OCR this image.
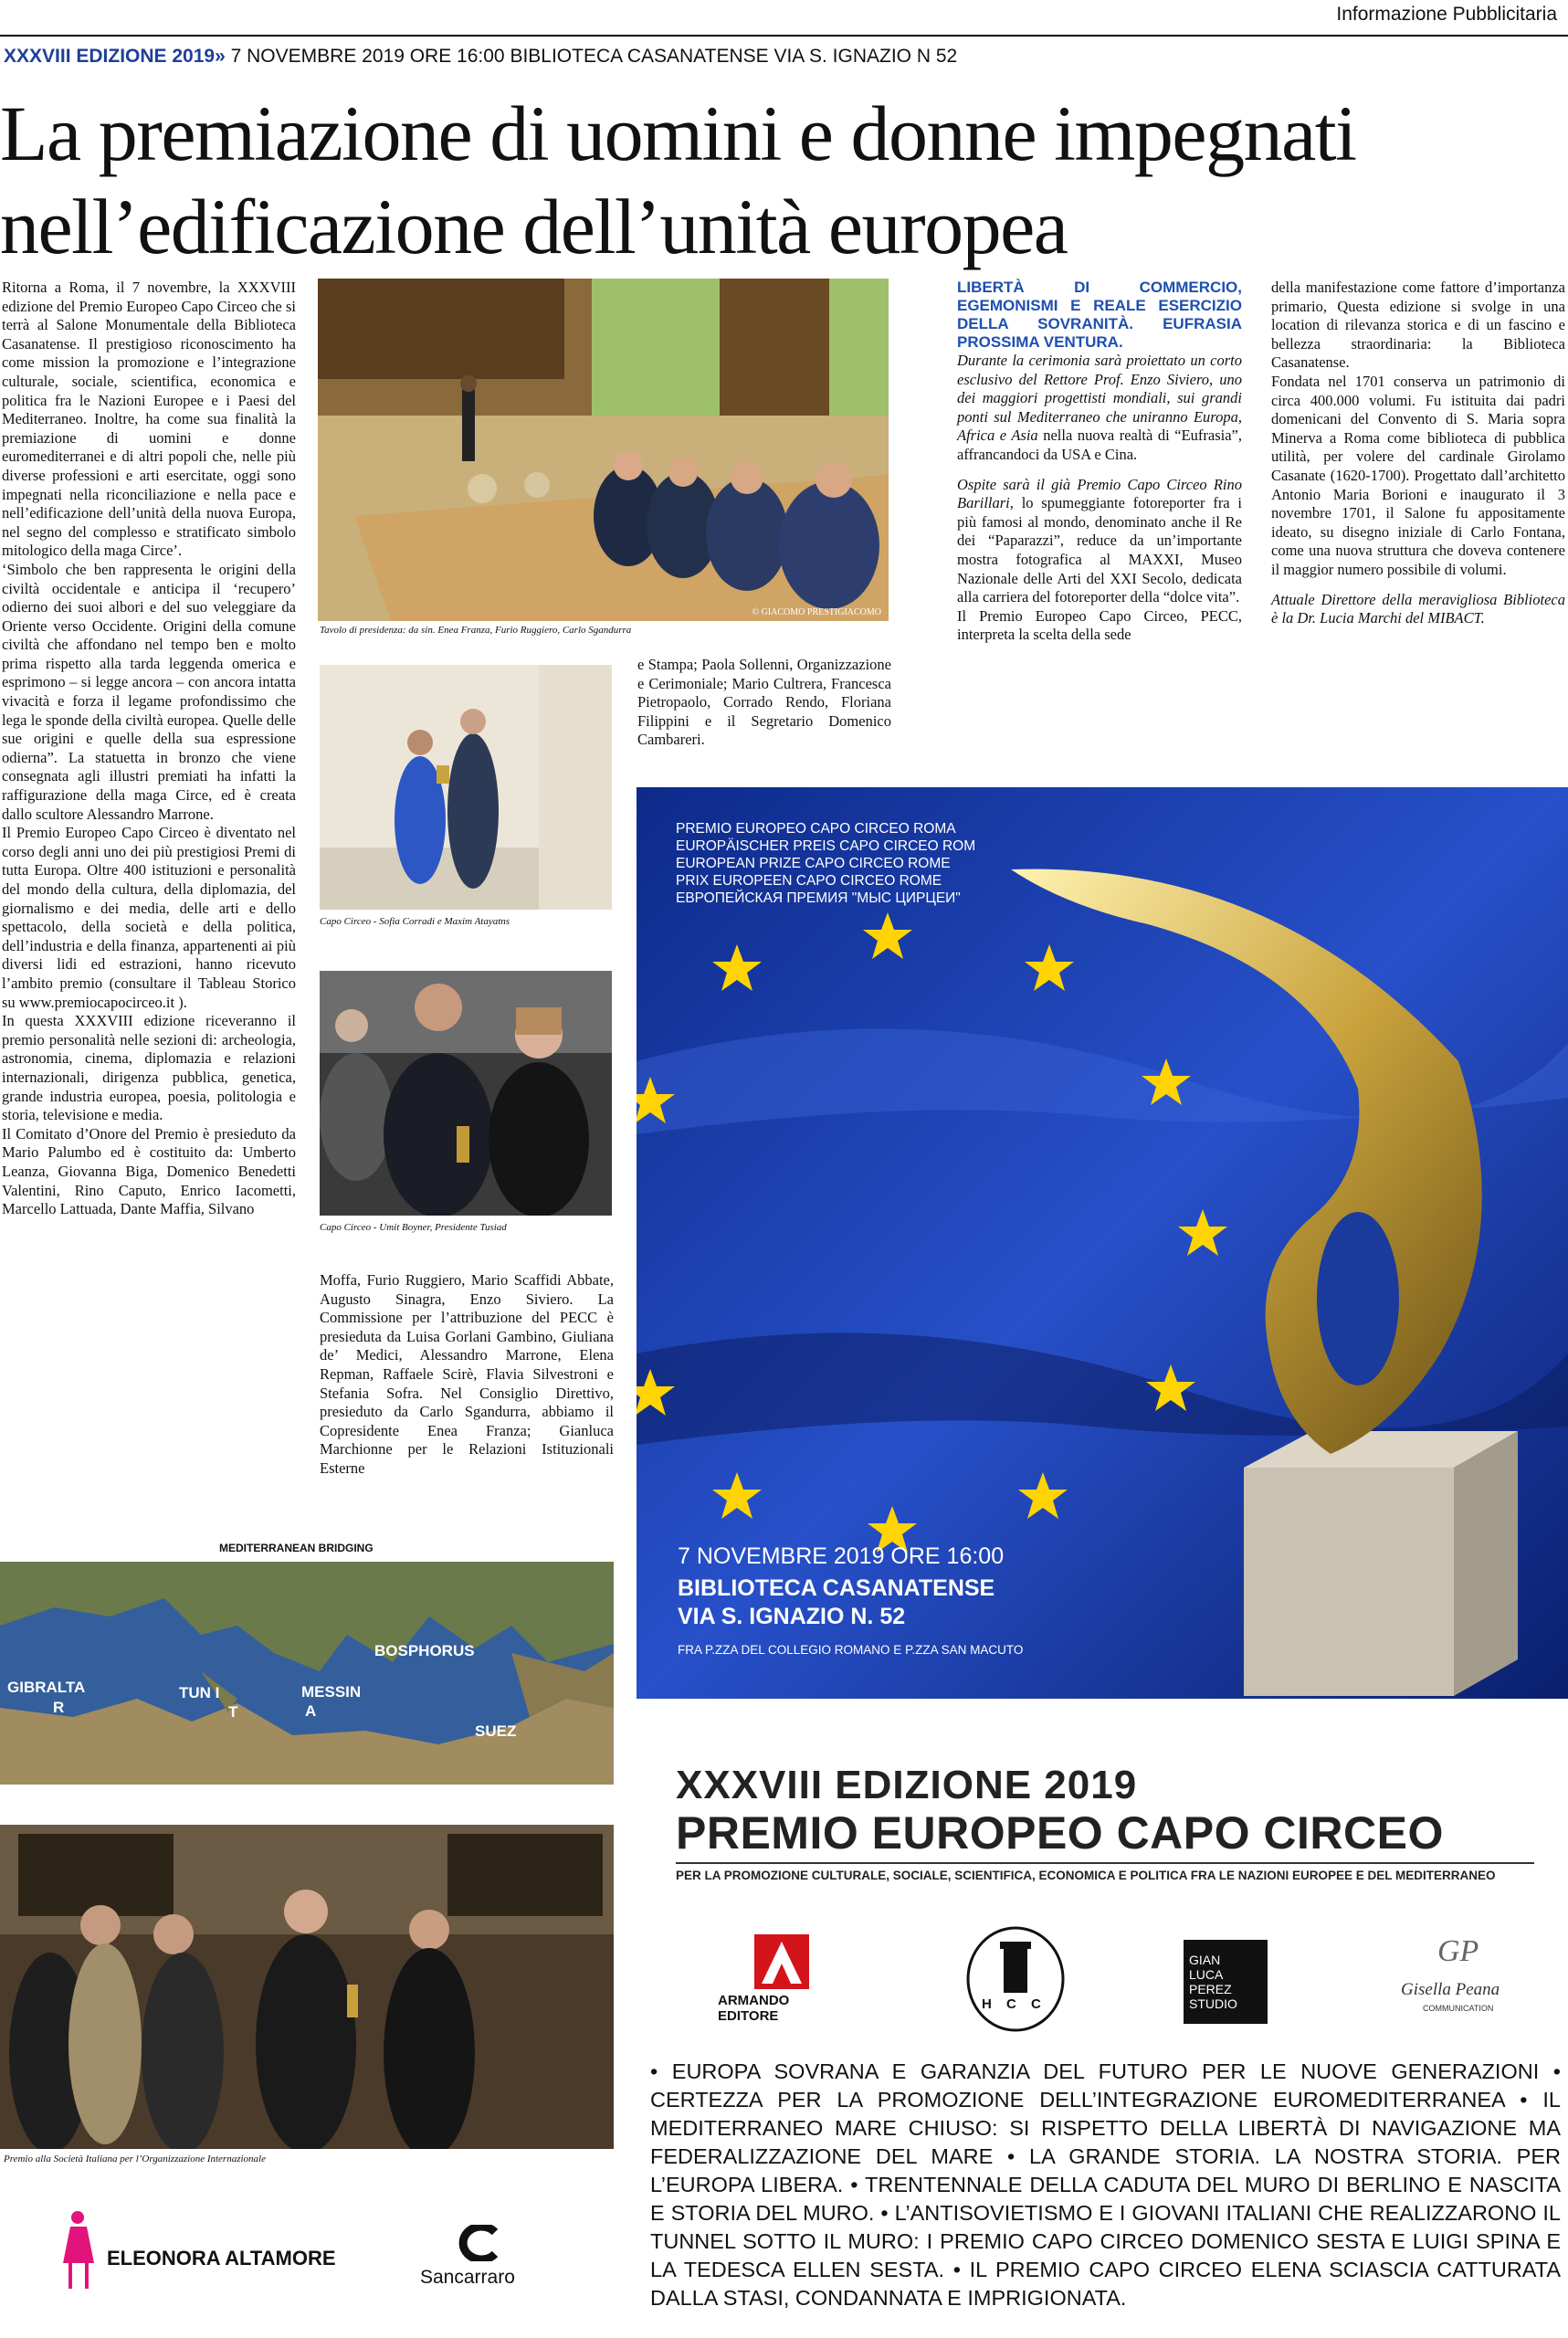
Informazione Pubblicitaria
XXXVIII EDIZIONE 2019» 7 NOVEMBRE 2019 ORE 16:00 BIBLIOTECA CASANATENSE VIA S. IGNAZIO N 52
La premiazione di uomini e donne impegnati
nell’edificazione dell’unità europea

Ritorna a Roma, il 7 novembre, la XXXVIII edizione del Premio Europeo Capo Circeo che si terrà al Salone Monumentale della Biblioteca Casanatense. Il prestigioso riconoscimento ha come mission la promozione e l’integrazione culturale, sociale, scientifica, economica e politica fra le Nazioni Europee e i Paesi del Mediterraneo. Inoltre, ha come sua finalità la premiazione di uomini e donne euromediterranei e di altri popoli che, nelle più diverse professioni e arti esercitate, oggi sono impegnati nella riconciliazione e nella pace e nell’edificazione dell’unità della nuova Europa, nel segno del complesso e stratificato simbolo mitologico della maga Circe’.

‘Simbolo che ben rappresenta le origini della civiltà occidentale e anticipa il ‘recupero’ odierno dei suoi albori e del suo veleggiare da Oriente verso Occidente. Origini della comune civiltà che affondano nel tempo ben e molto prima rispetto alla tarda leggenda omerica e esprimono – si legge ancora – con ancora intatta vivacità e forza il legame profondissimo che lega le sponde della civiltà europea. Quelle delle sue origini e quelle della sua espressione odierna”. La statuetta in bronzo che viene consegnata agli illustri premiati ha infatti la raffigurazione della maga Circe, ed è creata dallo scultore Alessandro Marrone.

Il Premio Europeo Capo Circeo è diventato nel corso degli anni uno dei più prestigiosi Premi di tutta Europa. Oltre 400 istituzioni e personalità del mondo della cultura, della diplomazia, del giornalismo e dei media, delle arti e dello spettacolo, della società e della politica, dell’industria e della finanza, appartenenti ai più diversi lidi ed estrazioni, hanno ricevuto l’ambito premio (consultare il Tableau Storico su www.premiocapocirceo.it ).

In questa XXXVIII edizione riceveranno il premio personalità nelle sezioni di: archeologia, astronomia, cinema, diplomazia e relazioni internazionali, dirigenza pubblica, genetica, grande industria europea, poesia, politologia e storia, televisione e media.

Il Comitato d’Onore del Premio è presieduto da Mario Palumbo ed è costituito da: Umberto Leanza, Giovanna Biga, Domenico Benedetti Valentini, Rino Caputo, Enrico Iacometti, Marcello Lattuada, Dante Maffia, Silvano

© GIACOMO PRESTIGIACOMO
Tavolo di presidenza: da sin. Enea Franza, Furio Ruggiero, Carlo Sgandurra
Capo Circeo - Sofia Corradi e Maxim Atayatns
Capo Circeo - Umit Boyner, Presidente Tusiad

e Stampa; Paola Sollenni, Organizzazione e Cerimoniale; Mario Cultrera, Francesca Pietropaolo, Corrado Rendo, Floriana Filippini e il Segretario Domenico Cambareri.

Moffa, Furio Ruggiero, Mario Scaffidi Abbate, Augusto Sinagra, Enzo Siviero. La Commissione per l’attribuzione del PECC è presieduta da Luisa Gorlani Gambino, Giuliana de’ Medici, Alessandro Marrone, Elena Repman, Raffaele Scirè, Flavia Silvestroni e Stefania Sofra. Nel Consiglio Direttivo, presieduto da Carlo Sgandurra, abbiamo il Copresidente Enea Franza; Gianluca Marchionne per le Relazioni Istituzionali Esterne

LIBERTÀ DI COMMERCIO, EGEMONISMI E REALE ESERCIZIO DELLA SOVRANITÀ. EUFRASIA PROSSIMA VENTURA.

Durante la cerimonia sarà proiettato un corto esclusivo del Rettore Prof. Enzo Siviero, uno dei maggiori progettisti mondiali, sui grandi ponti sul Mediterraneo che uniranno Europa, Africa e Asia nella nuova realtà di “Eufrasia”, affrancandoci da USA e Cina.

Ospite sarà il già Premio Capo Circeo Rino Barillari, lo spumeggiante fotoreporter fra i più famosi al mondo, denominato anche il Re dei “Paparazzi”, reduce da un’importante mostra fotografica al MAXXI, Museo Nazionale delle Arti del XXI Secolo, dedicata alla carriera del fotoreporter della “dolce vita”.

Il Premio Europeo Capo Circeo, PECC, interpreta la scelta della sede

della manifestazione come fattore d’importanza primario, Questa edizione si svolge in una location di rilevanza storica e di un fascino e bellezza straordinaria: la Biblioteca Casanatense.

Fondata nel 1701 conserva un patrimonio di circa 400.000 volumi. Fu istituita dai padri domenicani del Convento di S. Maria sopra Minerva a Roma come biblioteca di pubblica utilità, per volere del cardinale Girolamo Casanate (1620-1700). Progettato dall’architetto Antonio Maria Borioni e inaugurato il 3 novembre 1701, il Salone fu appositamente ideato, su disegno iniziale di Carlo Fontana, come una nuova struttura che doveva contenere il maggior numero possibile di volumi.

Attuale Direttore della meravigliosa Biblioteca è la Dr. Lucia Marchi del MIBACT.

MEDITERRANEAN BRIDGING
GIBRALTA
R
TUN I
T
MESSIN
A
BOSPHORUS
SUEZ
Premio alla Società Italiana per l’Organizzazione Internazionale
ELEONORA ALTAMORE
Sancarraro
PREMIO EUROPEO CAPO CIRCEO ROMA
EUROPÄISCHER PREIS CAPO CIRCEO ROM
EUROPEAN PRIZE CAPO CIRCEO ROME
PRIX EUROPEEN CAPO CIRCEO ROME
ЕВРОПЕЙСКАЯ ПРЕМИЯ "МЫС ЦИРЦЕИ"
7 NOVEMBRE 2019 ORE 16:00
BIBLIOTECA CASANATENSE
VIA S. IGNAZIO N. 52
FRA P.ZZA DEL COLLEGIO ROMANO E P.ZZA SAN MACUTO
XXXVIII EDIZIONE 2019
PREMIO EUROPEO CAPO CIRCEO
PER LA PROMOZIONE CULTURALE, SOCIALE, SCIENTIFICA, ECONOMICA E POLITICA FRA LE NAZIONI EUROPEE E DEL MEDITERRANEO
ARMANDO EDITORE
H C C
GIAN
LUCA
PEREZ
STUDIO
GP
Gisella Peana
COMMUNICATION
• EUROPA SOVRANA E GARANZIA DEL FUTURO PER LE NUOVE GENERAZIONI • CERTEZZA PER LA PROMOZIONE DELL’INTEGRAZIONE EUROMEDITERRANEA • IL MEDITERRANEO MARE CHIUSO: SI RISPETTO DELLA LIBERTÀ DI NAVIGAZIONE MA FEDERALIZZAZIONE DEL MARE • LA GRANDE STORIA. LA NOSTRA STORIA. PER L’EUROPA LIBERA. • TRENTENNALE DELLA CADUTA DEL MURO DI BERLINO E NASCITA E STORIA DEL MURO. • L’ANTISOVIETISMO E I GIOVANI ITALIANI CHE REALIZZARONO IL TUNNEL SOTTO IL MURO: I PREMIO CAPO CIRCEO DOMENICO SESTA E LUIGI SPINA E LA TEDESCA ELLEN SESTA. • IL PREMIO CAPO CIRCEO ELENA SCIASCIA CATTURATA DALLA STASI, CONDANNATA E IMPRIGIONATA.
